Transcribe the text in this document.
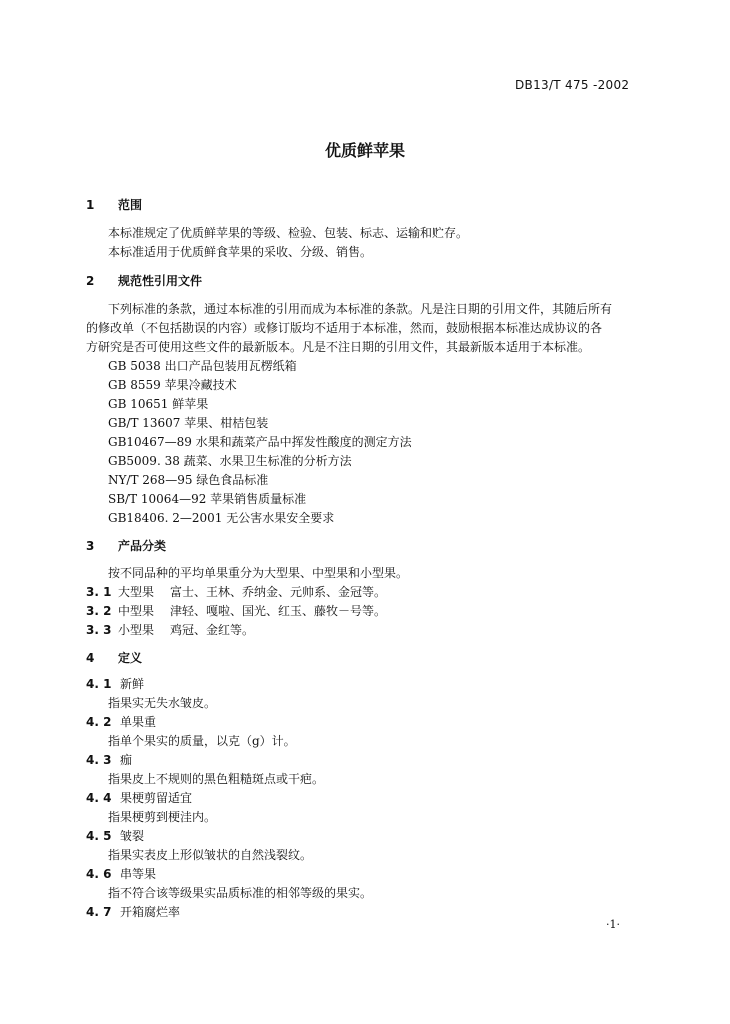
DB13/T 475 -2002
优质鲜苹果
1 范围
本标准规定了优质鲜苹果的等级、检验、包装、标志、运输和贮存。
本标准适用于优质鲜食苹果的采收、分级、销售。
2 规范性引用文件
下列标准的条款，通过本标准的引用而成为本标准的条款。凡是注日期的引用文件，其随后所有
的修改单（不包括勘误的内容）或修订版均不适用于本标准，然而，鼓励根据本标准达成协议的各
方研究是否可使用这些文件的最新版本。凡是不注日期的引用文件，其最新版本适用于本标准。
GB 5038 出口产品包装用瓦楞纸箱
GB 8559 苹果冷藏技术
GB 10651 鲜苹果
GB/T 13607 苹果、柑桔包装
GB10467—89 水果和蔬菜产品中挥发性酸度的测定方法
GB5009. 38 蔬菜、水果卫生标准的分析方法
NY/T 268—95 绿色食品标准
SB/T 10064—92 苹果销售质量标准
GB18406. 2—2001 无公害水果安全要求
3 产品分类
按不同品种的平均单果重分为大型果、中型果和小型果。
3. 1 大型果 富士、王林、乔纳金、元帅系、金冠等。
3. 2 中型果 津轻、嘎啦、国光、红玉、藤牧－号等。
3. 3 小型果 鸡冠、金红等。
4 定义
4. 1 新鲜
指果实无失水皱皮。
4. 2 单果重
指单个果实的质量，以克（g）计。
4. 3 痂
指果皮上不规则的黑色粗糙斑点或干疤。
4. 4 果梗剪留适宜
指果梗剪到梗洼内。
4. 5 皱裂
指果实表皮上形似皱状的自然浅裂纹。
4. 6 串等果
指不符合该等级果实品质标准的相邻等级的果实。
4. 7 开箱腐烂率
·1·
